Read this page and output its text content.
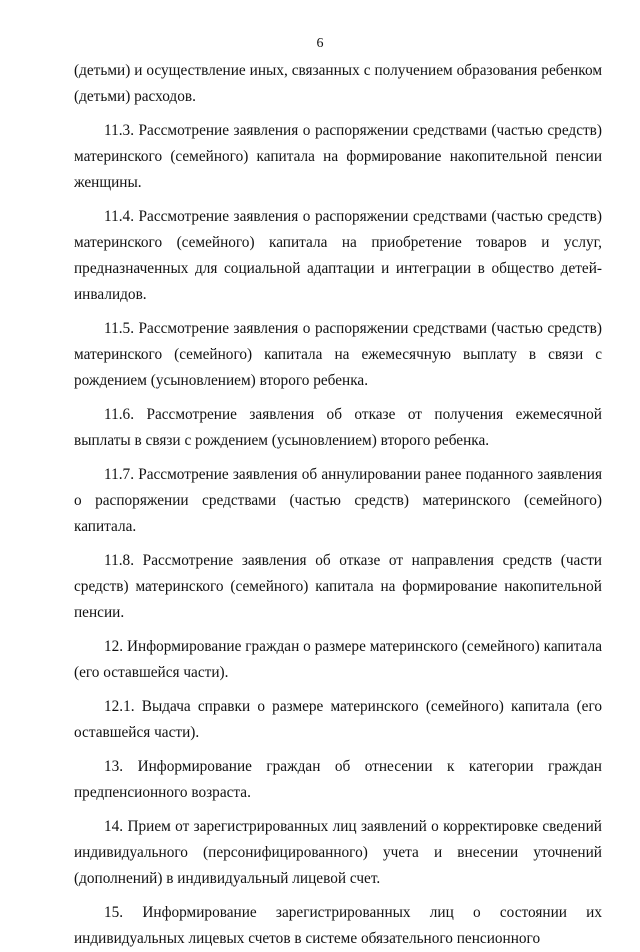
6

(детьми) и осуществление иных, связанных с получением образования ребенком (детьми) расходов.

11.3. Рассмотрение заявления о распоряжении средствами (частью средств) материнского (семейного) капитала на формирование накопительной пенсии женщины.

11.4. Рассмотрение заявления о распоряжении средствами (частью средств) материнского (семейного) капитала на приобретение товаров и услуг, предназначенных для социальной адаптации и интеграции в общество детей-инвалидов.

11.5. Рассмотрение заявления о распоряжении средствами (частью средств) материнского (семейного) капитала на ежемесячную выплату в связи с рождением (усыновлением) второго ребенка.

11.6. Рассмотрение заявления об отказе от получения ежемесячной выплаты в связи с рождением (усыновлением) второго ребенка.

11.7. Рассмотрение заявления об аннулировании ранее поданного заявления о распоряжении средствами (частью средств) материнского (семейного) капитала.

11.8. Рассмотрение заявления об отказе от направления средств (части средств) материнского (семейного) капитала на формирование накопительной пенсии.

12. Информирование граждан о размере материнского (семейного) капитала (его оставшейся части).

12.1. Выдача справки о размере материнского (семейного) капитала (его оставшейся части).

13. Информирование граждан об отнесении к категории граждан предпенсионного возраста.

14. Прием от зарегистрированных лиц заявлений о корректировке сведений индивидуального (персонифицированного) учета и внесении уточнений (дополнений) в индивидуальный лицевой счет.

15. Информирование зарегистрированных лиц о состоянии их индивидуальных лицевых счетов в системе обязательного пенсионного
